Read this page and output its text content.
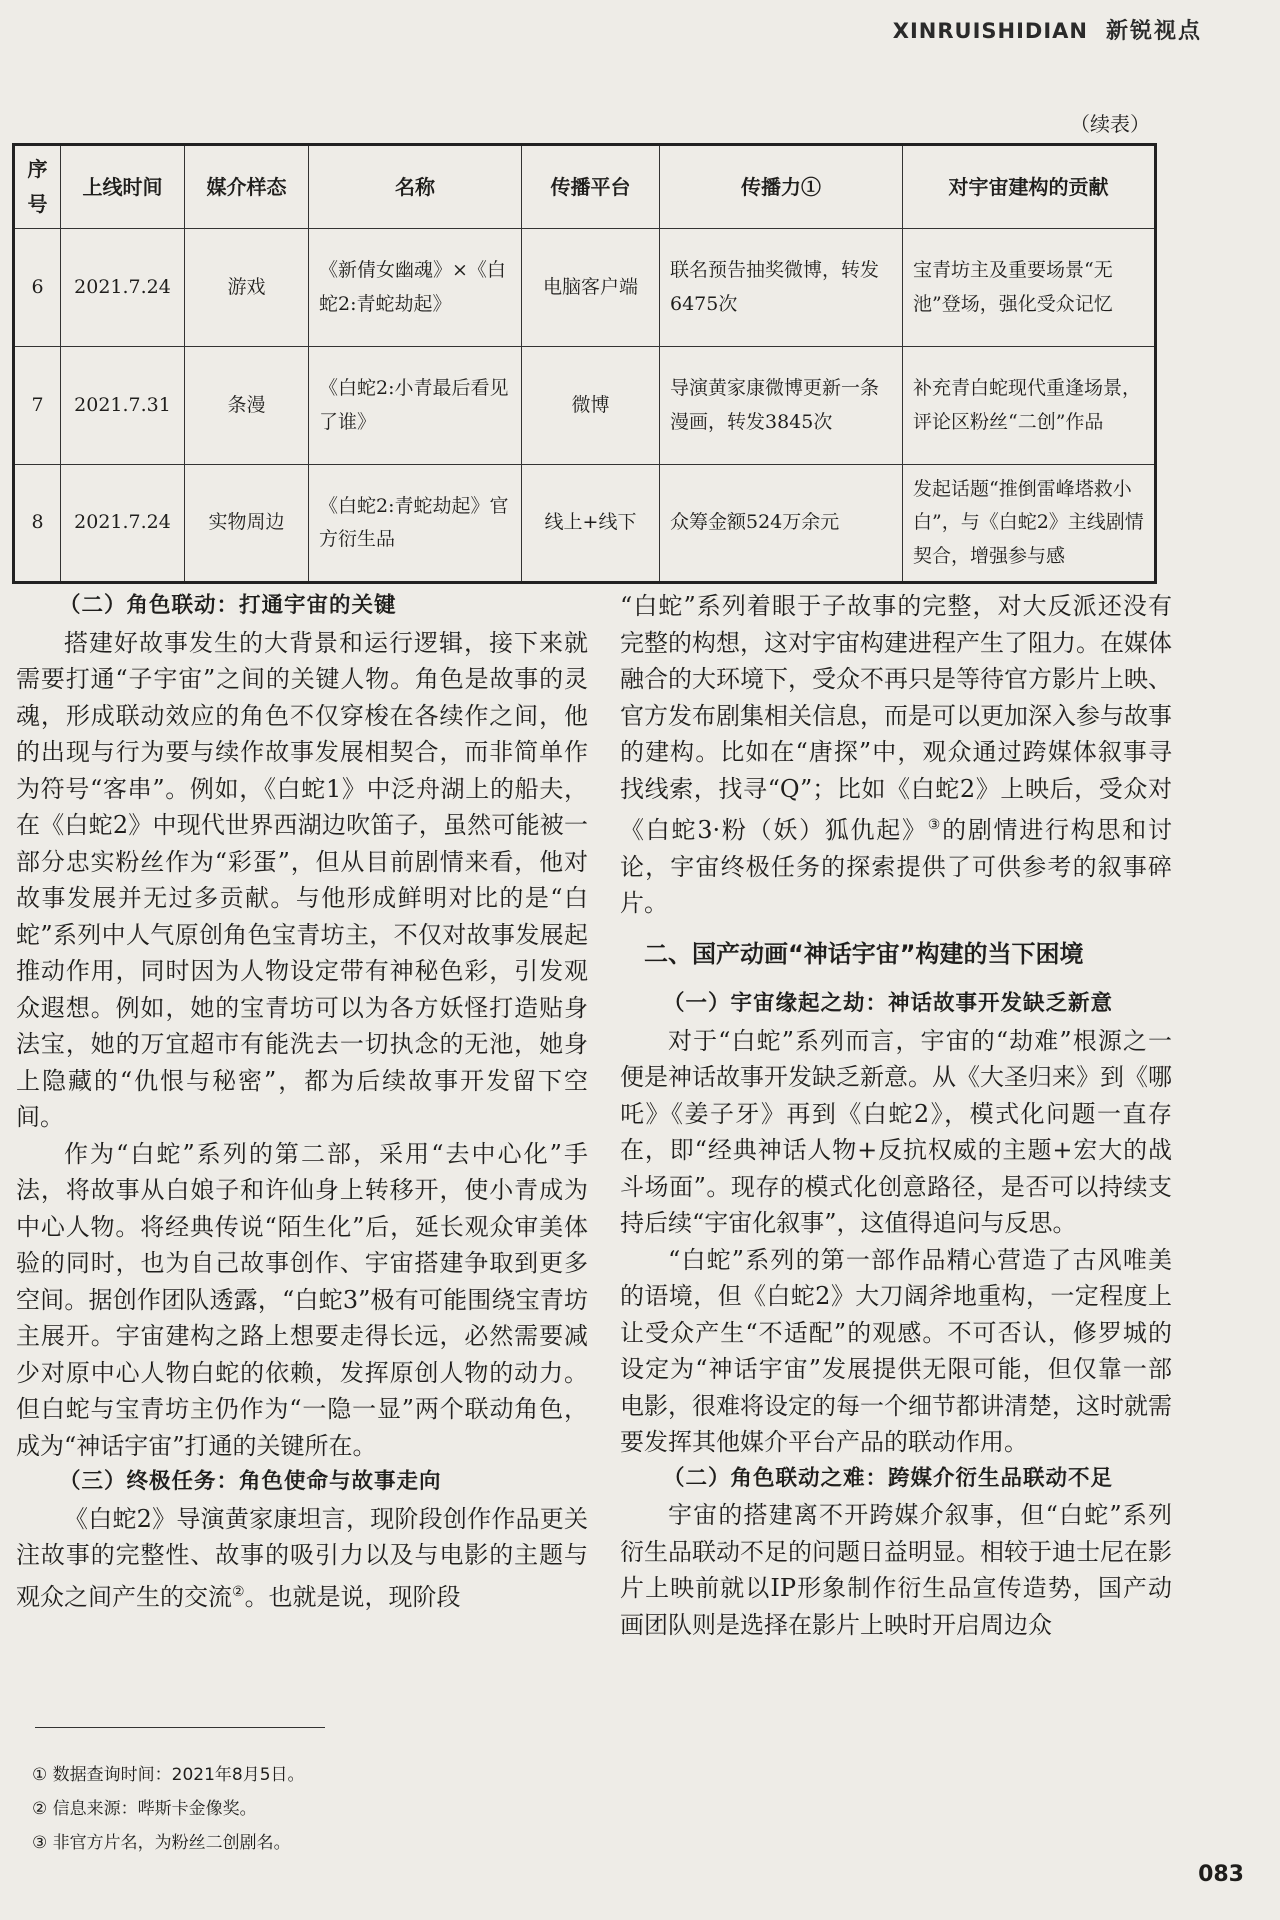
XINRUISHIDIAN 新锐视点
（续表）
序号	上线时间	媒介样态	名称	传播平台	传播力①	对宇宙建构的贡献
6	2021.7.24	游戏	《新倩女幽魂》×《白蛇2:青蛇劫起》	电脑客户端	联名预告抽奖微博，转发6475次	宝青坊主及重要场景“无池”登场，强化受众记忆
7	2021.7.31	条漫	《白蛇2:小青最后看见了谁》	微博	导演黄家康微博更新一条漫画，转发3845次	补充青白蛇现代重逢场景，评论区粉丝“二创”作品
8	2021.7.24	实物周边	《白蛇2:青蛇劫起》官方衍生品	线上+线下	众筹金额524万余元	发起话题“推倒雷峰塔救小白”，与《白蛇2》主线剧情契合，增强参与感

（二）角色联动：打通宇宙的关键

搭建好故事发生的大背景和运行逻辑，接下来就需要打通“子宇宙”之间的关键人物。角色是故事的灵魂，形成联动效应的角色不仅穿梭在各续作之间，他的出现与行为要与续作故事发展相契合，而非简单作为符号“客串”。例如，《白蛇1》中泛舟湖上的船夫，在《白蛇2》中现代世界西湖边吹笛子，虽然可能被一部分忠实粉丝作为“彩蛋”，但从目前剧情来看，他对故事发展并无过多贡献。与他形成鲜明对比的是“白蛇”系列中人气原创角色宝青坊主，不仅对故事发展起推动作用，同时因为人物设定带有神秘色彩，引发观众遐想。例如，她的宝青坊可以为各方妖怪打造贴身法宝，她的万宜超市有能洗去一切执念的无池，她身上隐藏的“仇恨与秘密”，都为后续故事开发留下空间。

作为“白蛇”系列的第二部，采用“去中心化”手法，将故事从白娘子和许仙身上转移开，使小青成为中心人物。将经典传说“陌生化”后，延长观众审美体验的同时，也为自己故事创作、宇宙搭建争取到更多空间。据创作团队透露，“白蛇3”极有可能围绕宝青坊主展开。宇宙建构之路上想要走得长远，必然需要减少对原中心人物白蛇的依赖，发挥原创人物的动力。但白蛇与宝青坊主仍作为“一隐一显”两个联动角色，成为“神话宇宙”打通的关键所在。

（三）终极任务：角色使命与故事走向

《白蛇2》导演黄家康坦言，现阶段创作作品更关注故事的完整性、故事的吸引力以及与电影的主题与观众之间产生的交流②。也就是说，现阶段

“白蛇”系列着眼于子故事的完整，对大反派还没有完整的构想，这对宇宙构建进程产生了阻力。在媒体融合的大环境下，受众不再只是等待官方影片上映、官方发布剧集相关信息，而是可以更加深入参与故事的建构。比如在“唐探”中，观众通过跨媒体叙事寻找线索，找寻“Q”；比如《白蛇2》上映后，受众对《白蛇3·粉（妖）狐仇起》③的剧情进行构思和讨论，宇宙终极任务的探索提供了可供参考的叙事碎片。

二、国产动画“神话宇宙”构建的当下困境

（一）宇宙缘起之劫：神话故事开发缺乏新意

对于“白蛇”系列而言，宇宙的“劫难”根源之一便是神话故事开发缺乏新意。从《大圣归来》到《哪吒》《姜子牙》再到《白蛇2》，模式化问题一直存在，即“经典神话人物+反抗权威的主题+宏大的战斗场面”。现存的模式化创意路径，是否可以持续支持后续“宇宙化叙事”，这值得追问与反思。

“白蛇”系列的第一部作品精心营造了古风唯美的语境，但《白蛇2》大刀阔斧地重构，一定程度上让受众产生“不适配”的观感。不可否认，修罗城的设定为“神话宇宙”发展提供无限可能，但仅靠一部电影，很难将设定的每一个细节都讲清楚，这时就需要发挥其他媒介平台产品的联动作用。

（二）角色联动之难：跨媒介衍生品联动不足

宇宙的搭建离不开跨媒介叙事，但“白蛇”系列衍生品联动不足的问题日益明显。相较于迪士尼在影片上映前就以IP形象制作衍生品宣传造势，国产动画团队则是选择在影片上映时开启周边众

① 数据查询时间：2021年8月5日。
② 信息来源：哔斯卡金像奖。
③ 非官方片名，为粉丝二创剧名。
083
